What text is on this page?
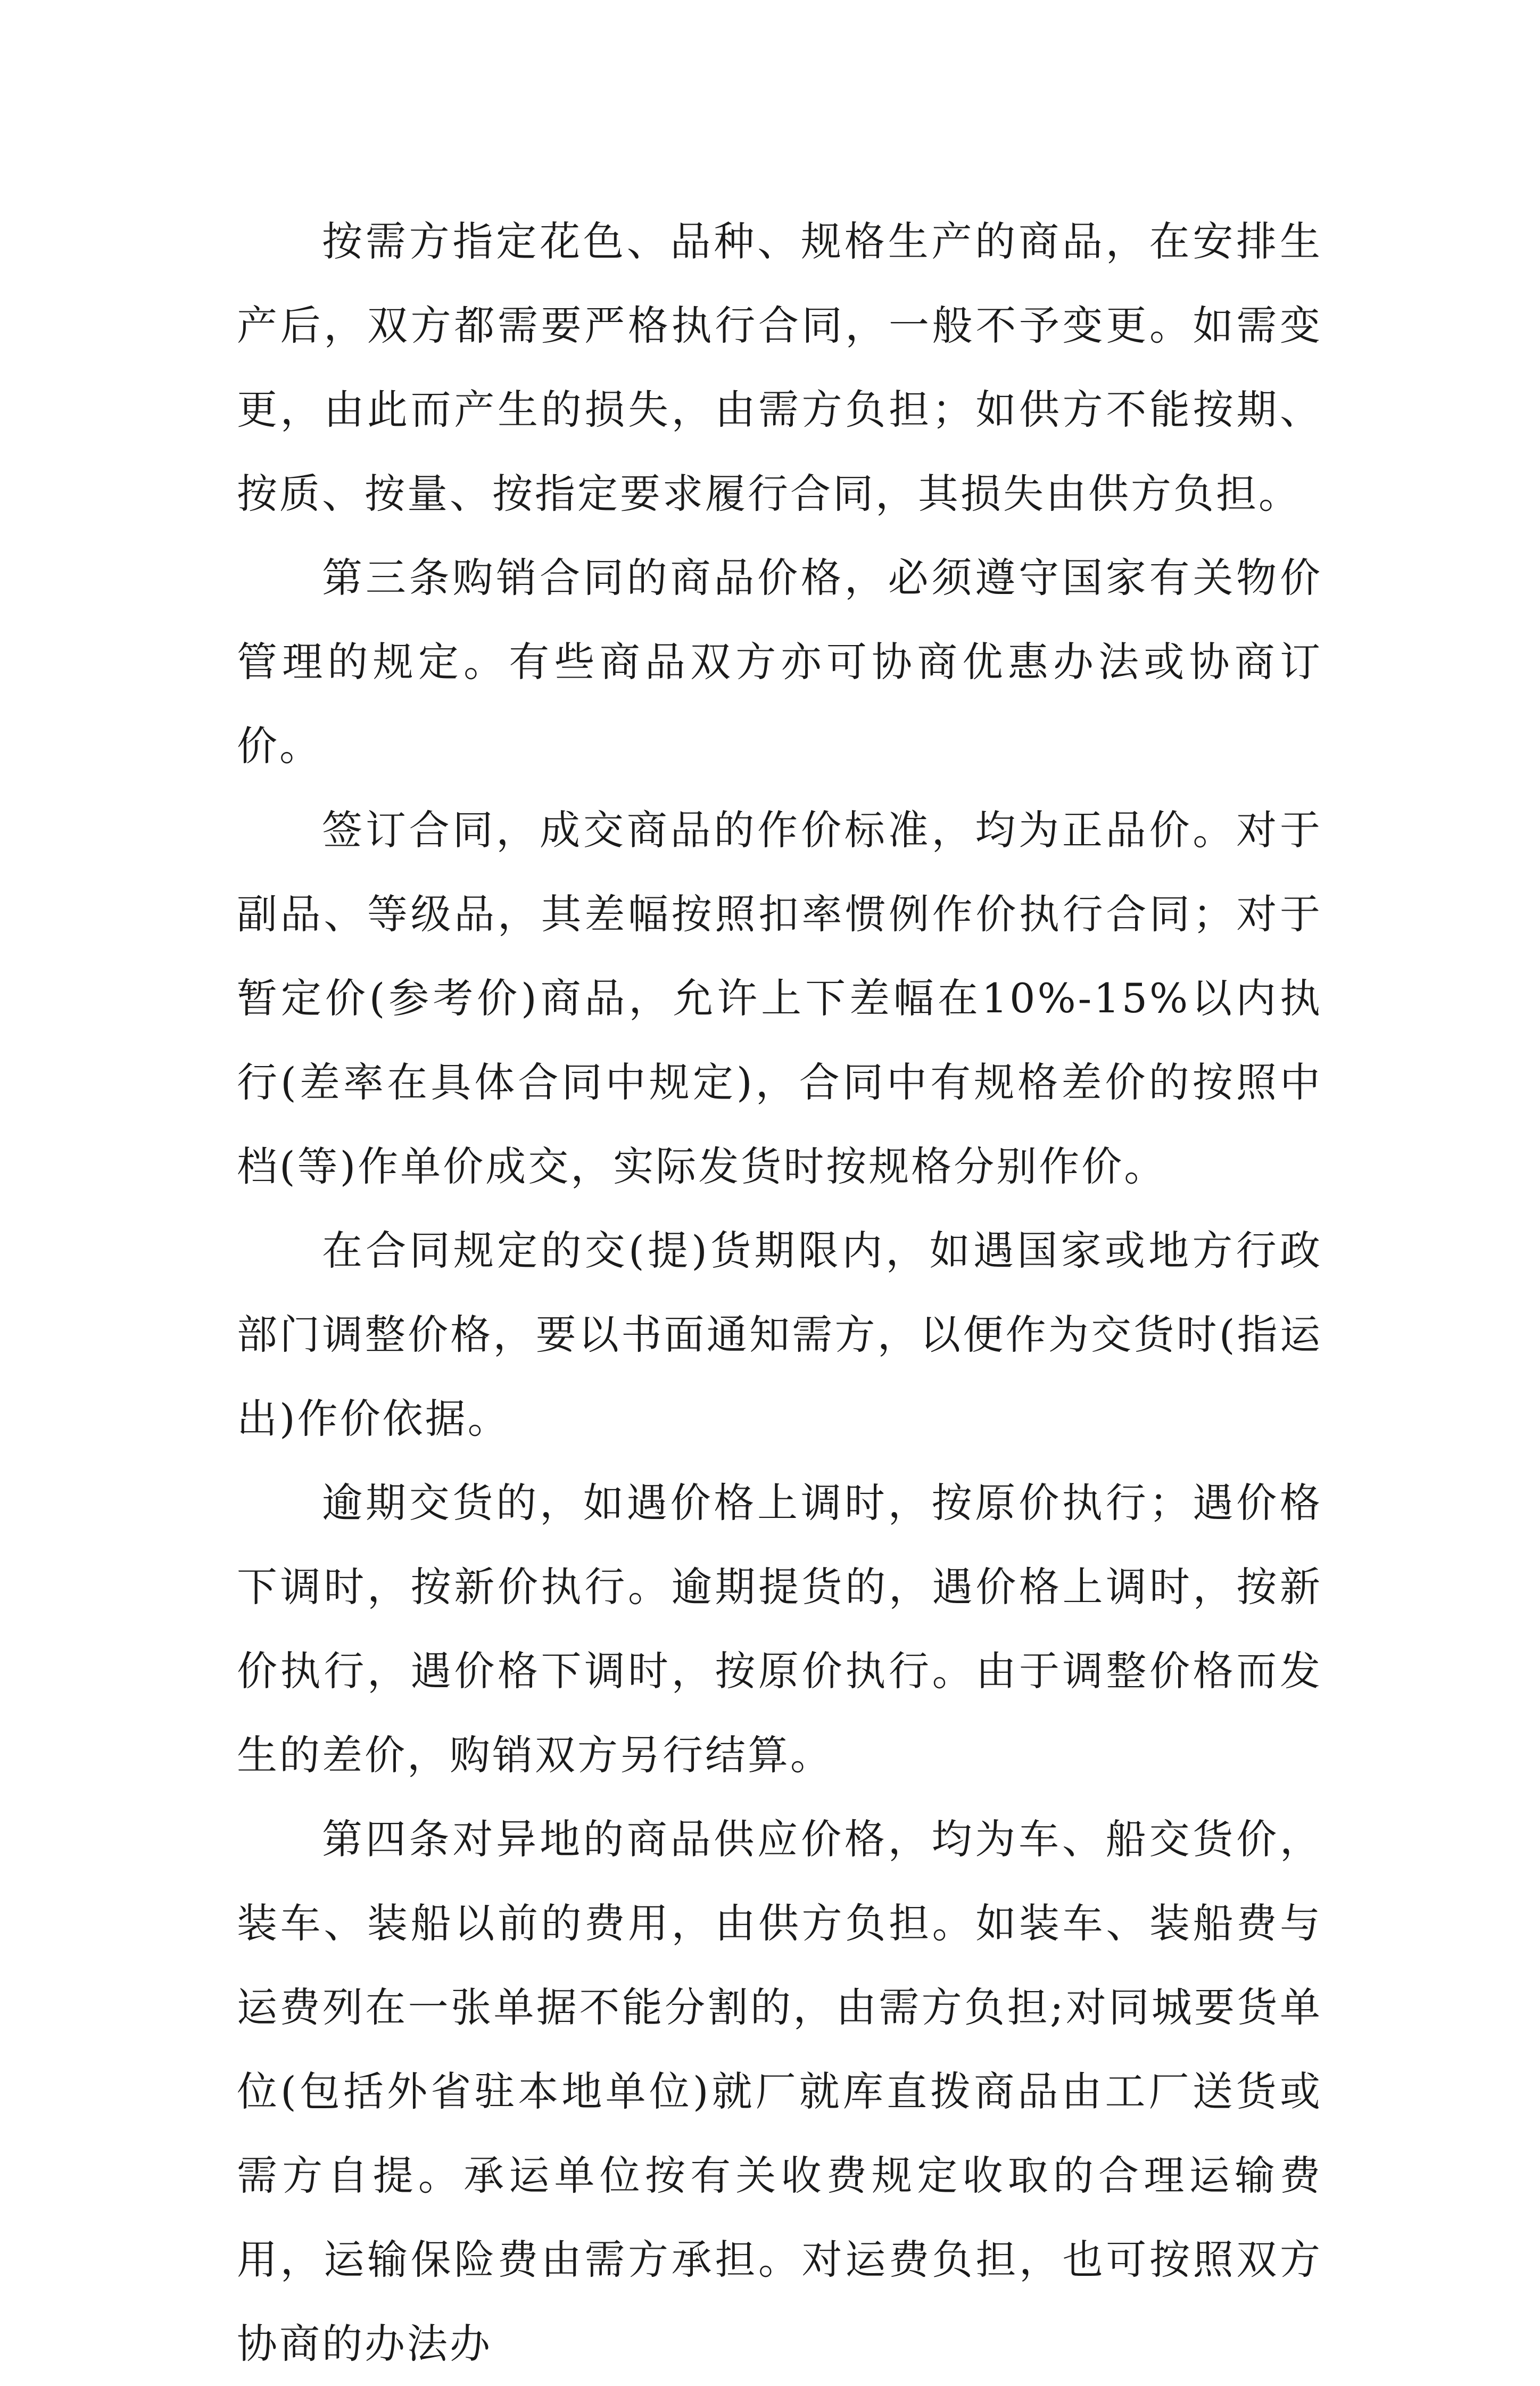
按需方指定花色、品种、规格生产的商品，在安排生产后，双方都需要严格执行合同，一般不予变更。如需变更，由此而产生的损失，由需方负担；如供方不能按期、按质、按量、按指定要求履行合同，其损失由供方负担。

第三条购销合同的商品价格，必须遵守国家有关物价管理的规定。有些商品双方亦可协商优惠办法或协商订价。

签订合同，成交商品的作价标准，均为正品价。对于副品、等级品，其差幅按照扣率惯例作价执行合同；对于暂定价(参考价)商品，允许上下差幅在10%-15%以内执行(差率在具体合同中规定)，合同中有规格差价的按照中档(等)作单价成交，实际发货时按规格分别作价。

在合同规定的交(提)货期限内，如遇国家或地方行政部门调整价格，要以书面通知需方，以便作为交货时(指运出)作价依据。

逾期交货的，如遇价格上调时，按原价执行；遇价格下调时，按新价执行。逾期提货的，遇价格上调时，按新价执行，遇价格下调时，按原价执行。由于调整价格而发生的差价，购销双方另行结算。

第四条对异地的商品供应价格，均为车、船交货价，装车、装船以前的费用，由供方负担。如装车、装船费与运费列在一张单据不能分割的，由需方负担;对同城要货单位(包括外省驻本地单位)就厂就库直拨商品由工厂送货或需方自提。承运单位按有关收费规定收取的合理运输费用，运输保险费由需方承担。对运费负担，也可按照双方协商的办法办
